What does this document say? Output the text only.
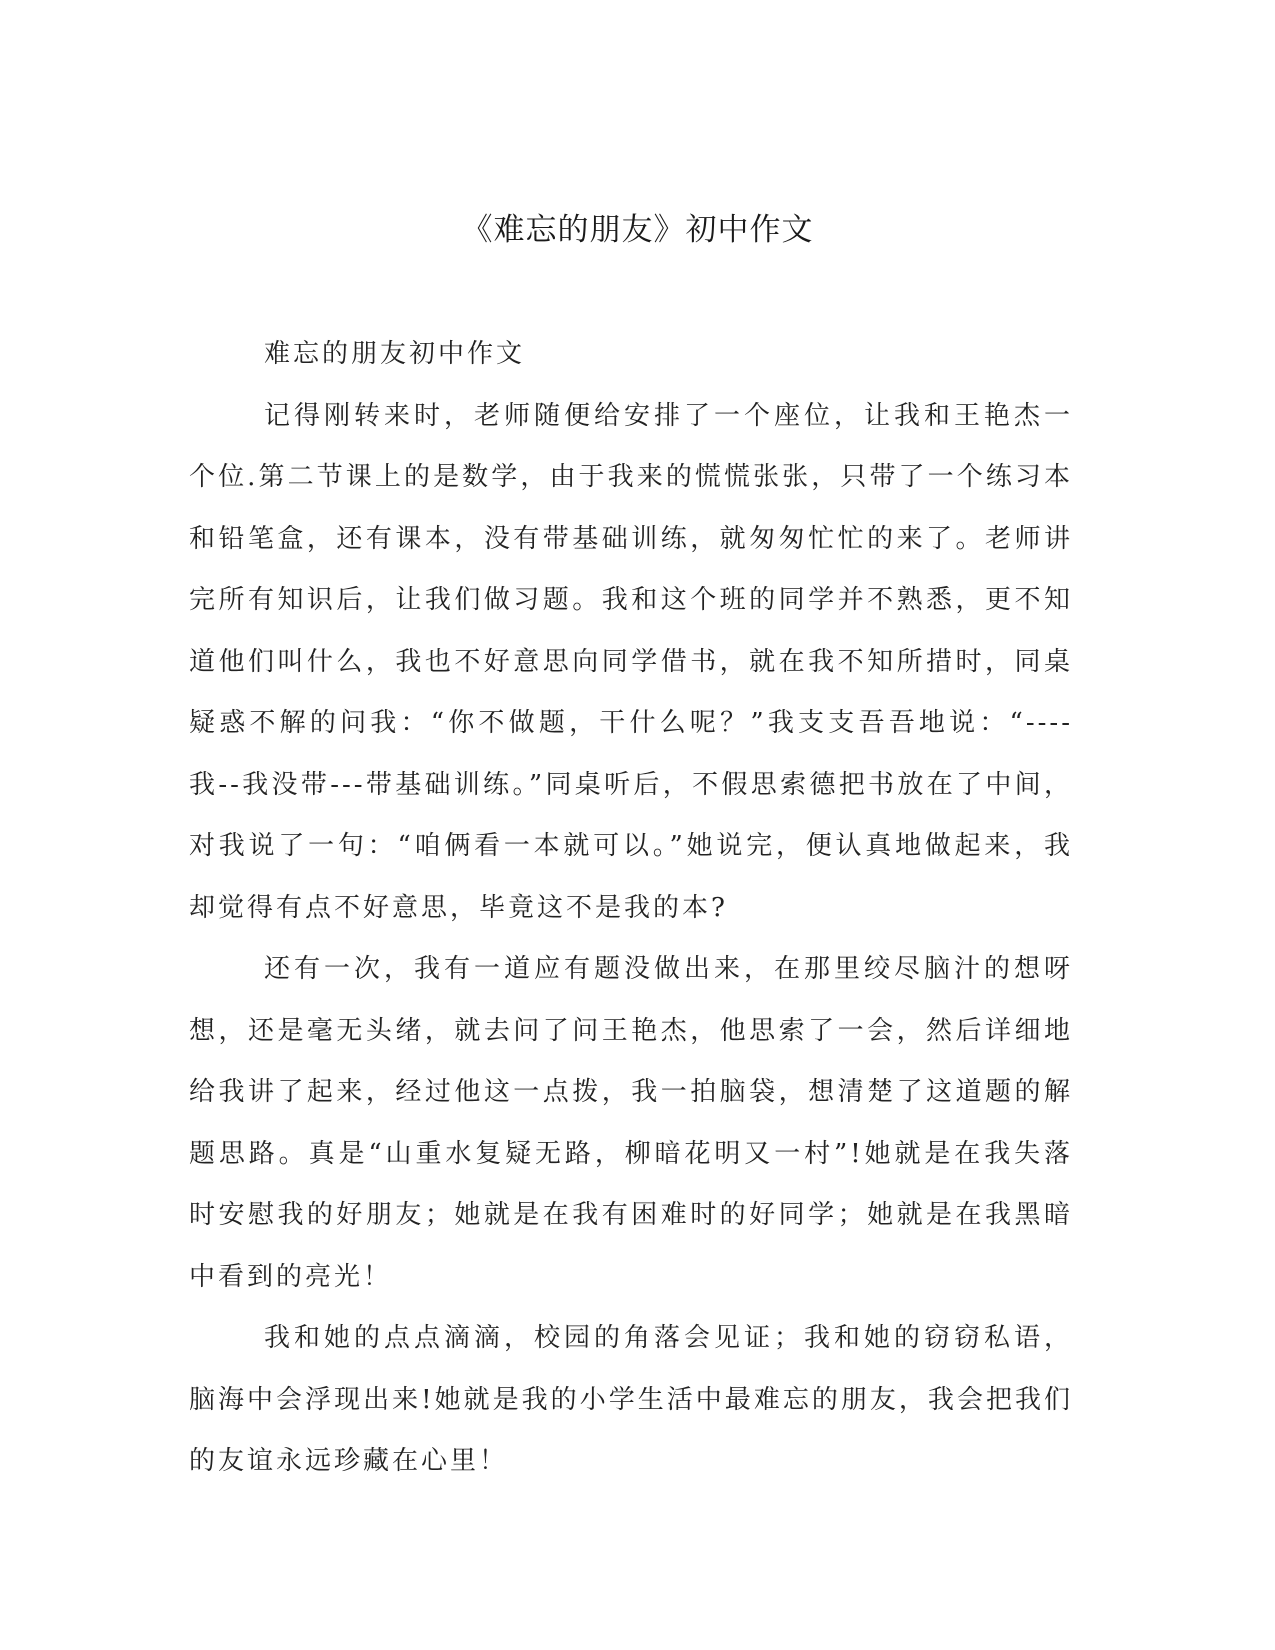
《难忘的朋友》初中作文

难忘的朋友初中作文

记得刚转来时，老师随便给安排了一个座位，让我和王艳杰一个位.第二节课上的是数学，由于我来的慌慌张张，只带了一个练习本和铅笔盒，还有课本，没有带基础训练，就匆匆忙忙的来了。老师讲完所有知识后，让我们做习题。我和这个班的同学并不熟悉，更不知道他们叫什么，我也不好意思向同学借书，就在我不知所措时，同桌疑惑不解的问我：“你不做题，干什么呢？”我支支吾吾地说：“----我--我没带---带基础训练。”同桌听后，不假思索德把书放在了中间，对我说了一句：“咱俩看一本就可以。”她说完，便认真地做起来，我却觉得有点不好意思，毕竟这不是我的本?

还有一次，我有一道应有题没做出来，在那里绞尽脑汁的想呀想，还是毫无头绪，就去问了问王艳杰，他思索了一会，然后详细地给我讲了起来，经过他这一点拨，我一拍脑袋，想清楚了这道题的解题思路。真是“山重水复疑无路，柳暗花明又一村”!她就是在我失落时安慰我的好朋友；她就是在我有困难时的好同学；她就是在我黑暗中看到的亮光！

我和她的点点滴滴，校园的角落会见证；我和她的窃窃私语，脑海中会浮现出来!她就是我的小学生活中最难忘的朋友，我会把我们的友谊永远珍藏在心里！
